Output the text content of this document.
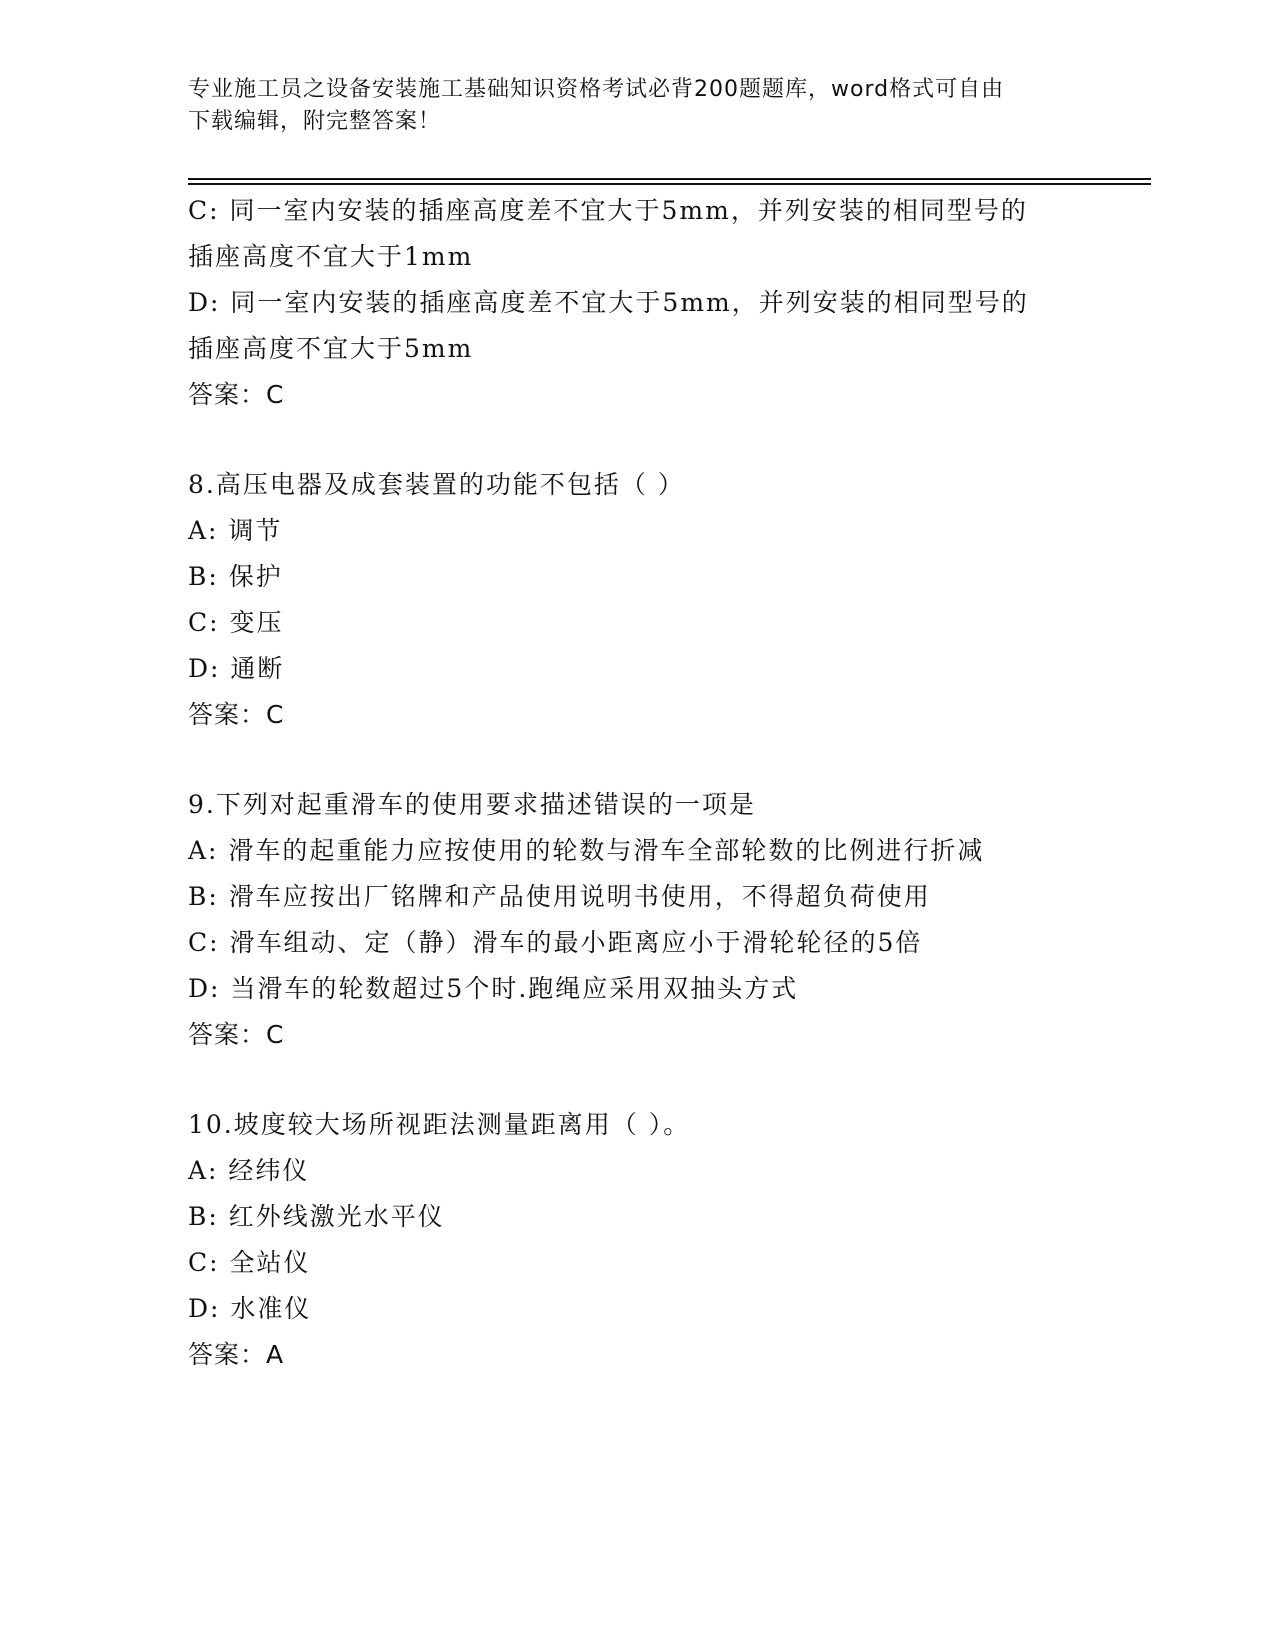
专业施工员之设备安装施工基础知识资格考试必背200题题库，word格式可自由
下载编辑，附完整答案！
C: 同一室内安装的插座高度差不宜大于5mm，并列安装的相同型号的
插座高度不宜大于1mm
D: 同一室内安装的插座高度差不宜大于5mm，并列安装的相同型号的
插座高度不宜大于5mm
答案：C
8.高压电器及成套装置的功能不包括（ ）
A: 调节
B: 保护
C: 变压
D: 通断
答案：C
9.下列对起重滑车的使用要求描述错误的一项是
A: 滑车的起重能力应按使用的轮数与滑车全部轮数的比例进行折减
B: 滑车应按出厂铭牌和产品使用说明书使用，不得超负荷使用
C: 滑车组动、定（静）滑车的最小距离应小于滑轮轮径的5倍
D: 当滑车的轮数超过5个时.跑绳应采用双抽头方式
答案：C
10.坡度较大场所视距法测量距离用（ ）。
A: 经纬仪
B: 红外线激光水平仪
C: 全站仪
D: 水准仪
答案：A
